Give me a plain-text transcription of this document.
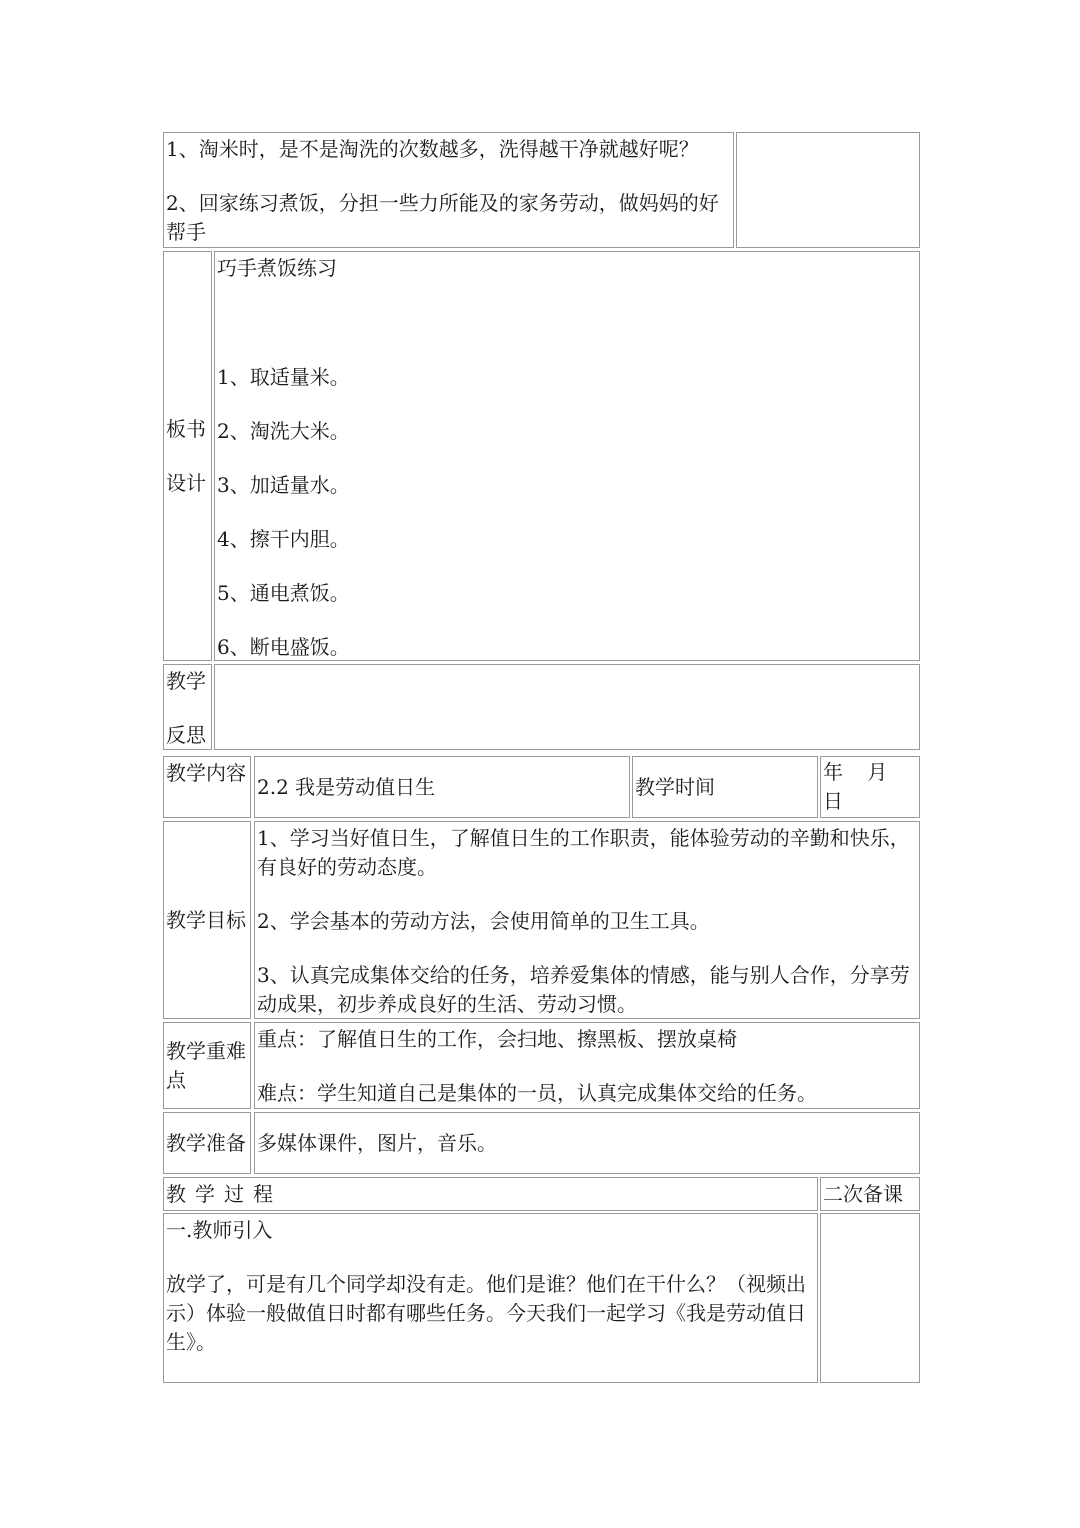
1、淘米时，是不是淘洗的次数越多，洗得越干净就越好呢？

2、回家练习煮饭，分担一些力所能及的家务劳动，做妈妈的好帮手

板书

设计

巧手煮饭练习

1、取适量米。

2、淘洗大米。

3、加适量水。

4、擦干内胆。

5、通电煮饭。

6、断电盛饭。

教学

反思

教学内容

2.2 我是劳动值日生	教学时间

年 月 日

教学目标

1、学习当好值日生，了解值日生的工作职责，能体验劳动的辛勤和快乐，有良好的劳动态度。

2、学会基本的劳动方法，会使用简单的卫生工具。

3、认真完成集体交给的任务，培养爱集体的情感，能与别人合作，分享劳动成果，初步养成良好的生活、劳动习惯。

教学重难点

重点：了解值日生的工作，会扫地、擦黑板、摆放桌椅

难点：学生知道自己是集体的一员，认真完成集体交给的任务。

教学准备 多媒体课件，图片，音乐。

教学过程	二次备课

一.教师引入

放学了，可是有几个同学却没有走。他们是谁？他们在干什么？（视频出示）体验一般做值日时都有哪些任务。今天我们一起学习《我是劳动值日生》。
